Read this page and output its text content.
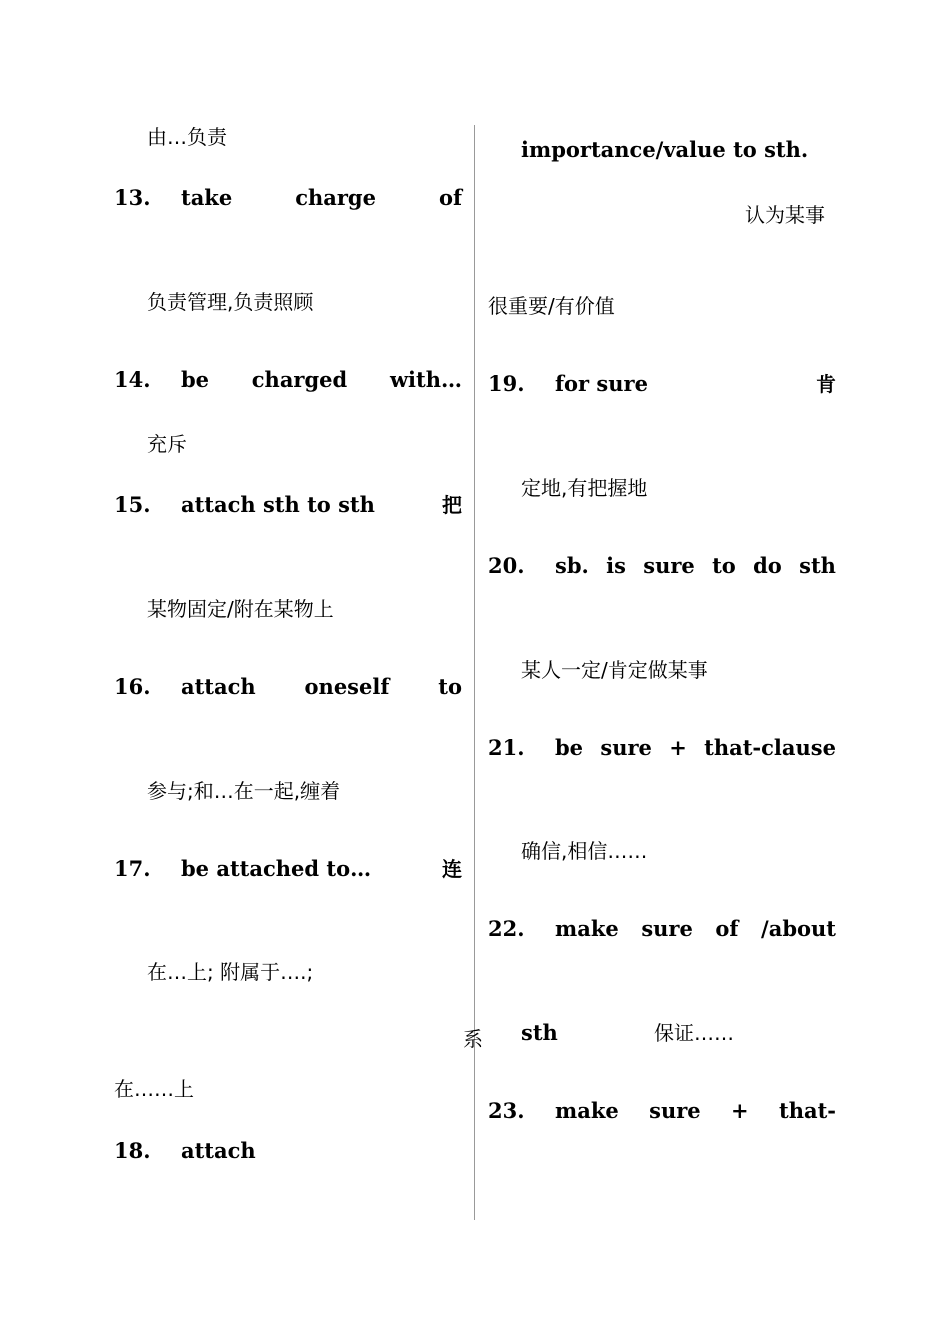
由…负责
13. take	charge	of
负责管理,负责照顾
14. be charged with…
充斥
15. attach sth to sth	把
某物固定/附在某物上
16. attach oneself to
参与;和…在一起,缠着
17. be attached to…	连
在…上; 附属于….;
系
在……上
18. attach
importance/value to sth.
认为某事
很重要/有价值
19. for sure	肯
定地,有把握地
20. sb. is sure to do sth
某人一定/肯定做某事
21. be sure + that-clause
确信,相信……
22. make sure of /about
sth	保证……
23. make sure + that-
